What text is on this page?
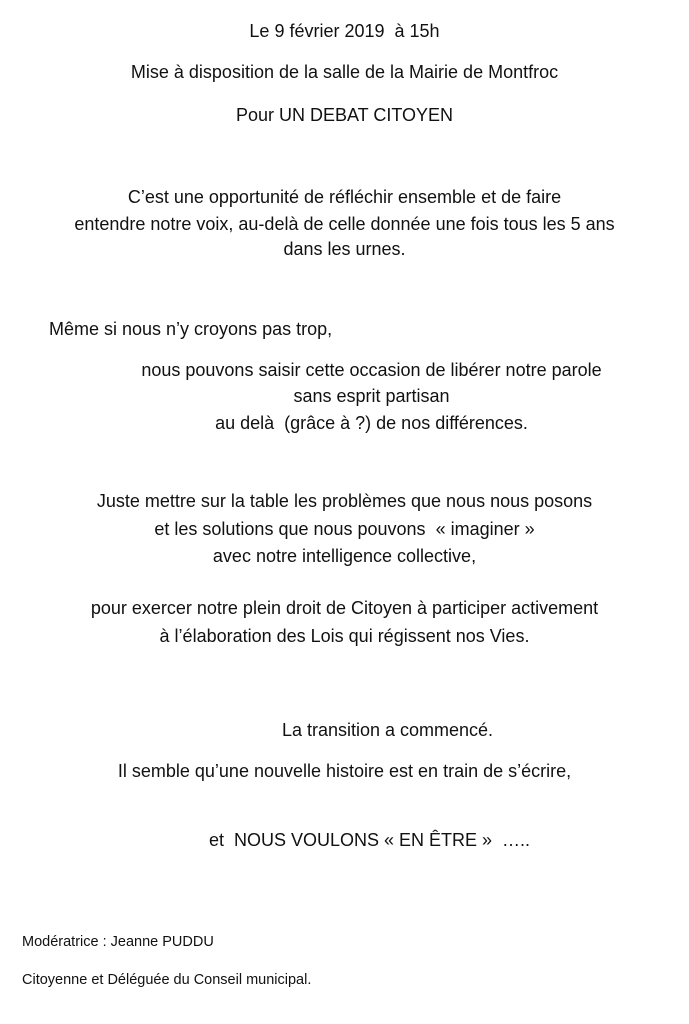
Le 9 février 2019  à 15h

Mise à disposition de la salle de la Mairie de Montfroc

Pour UN DEBAT CITOYEN

C’est une opportunité de réfléchir ensemble et de faire

entendre notre voix, au-delà de celle donnée une fois tous les 5 ans

dans les urnes.

Même si nous n’y croyons pas trop,

nous pouvons saisir cette occasion de libérer notre parole

sans esprit partisan

au delà  (grâce à ?) de nos différences.

Juste mettre sur la table les problèmes que nous nous posons

et les solutions que nous pouvons  « imaginer »

avec notre intelligence collective,

pour exercer notre plein droit de Citoyen à participer activement

à l’élaboration des Lois qui régissent nos Vies.

La transition a commencé.

Il semble qu’une nouvelle histoire est en train de s’écrire,

et  NOUS VOULONS « EN ÊTRE »  …..

Modératrice : Jeanne PUDDU

Citoyenne et Déléguée du Conseil municipal.
